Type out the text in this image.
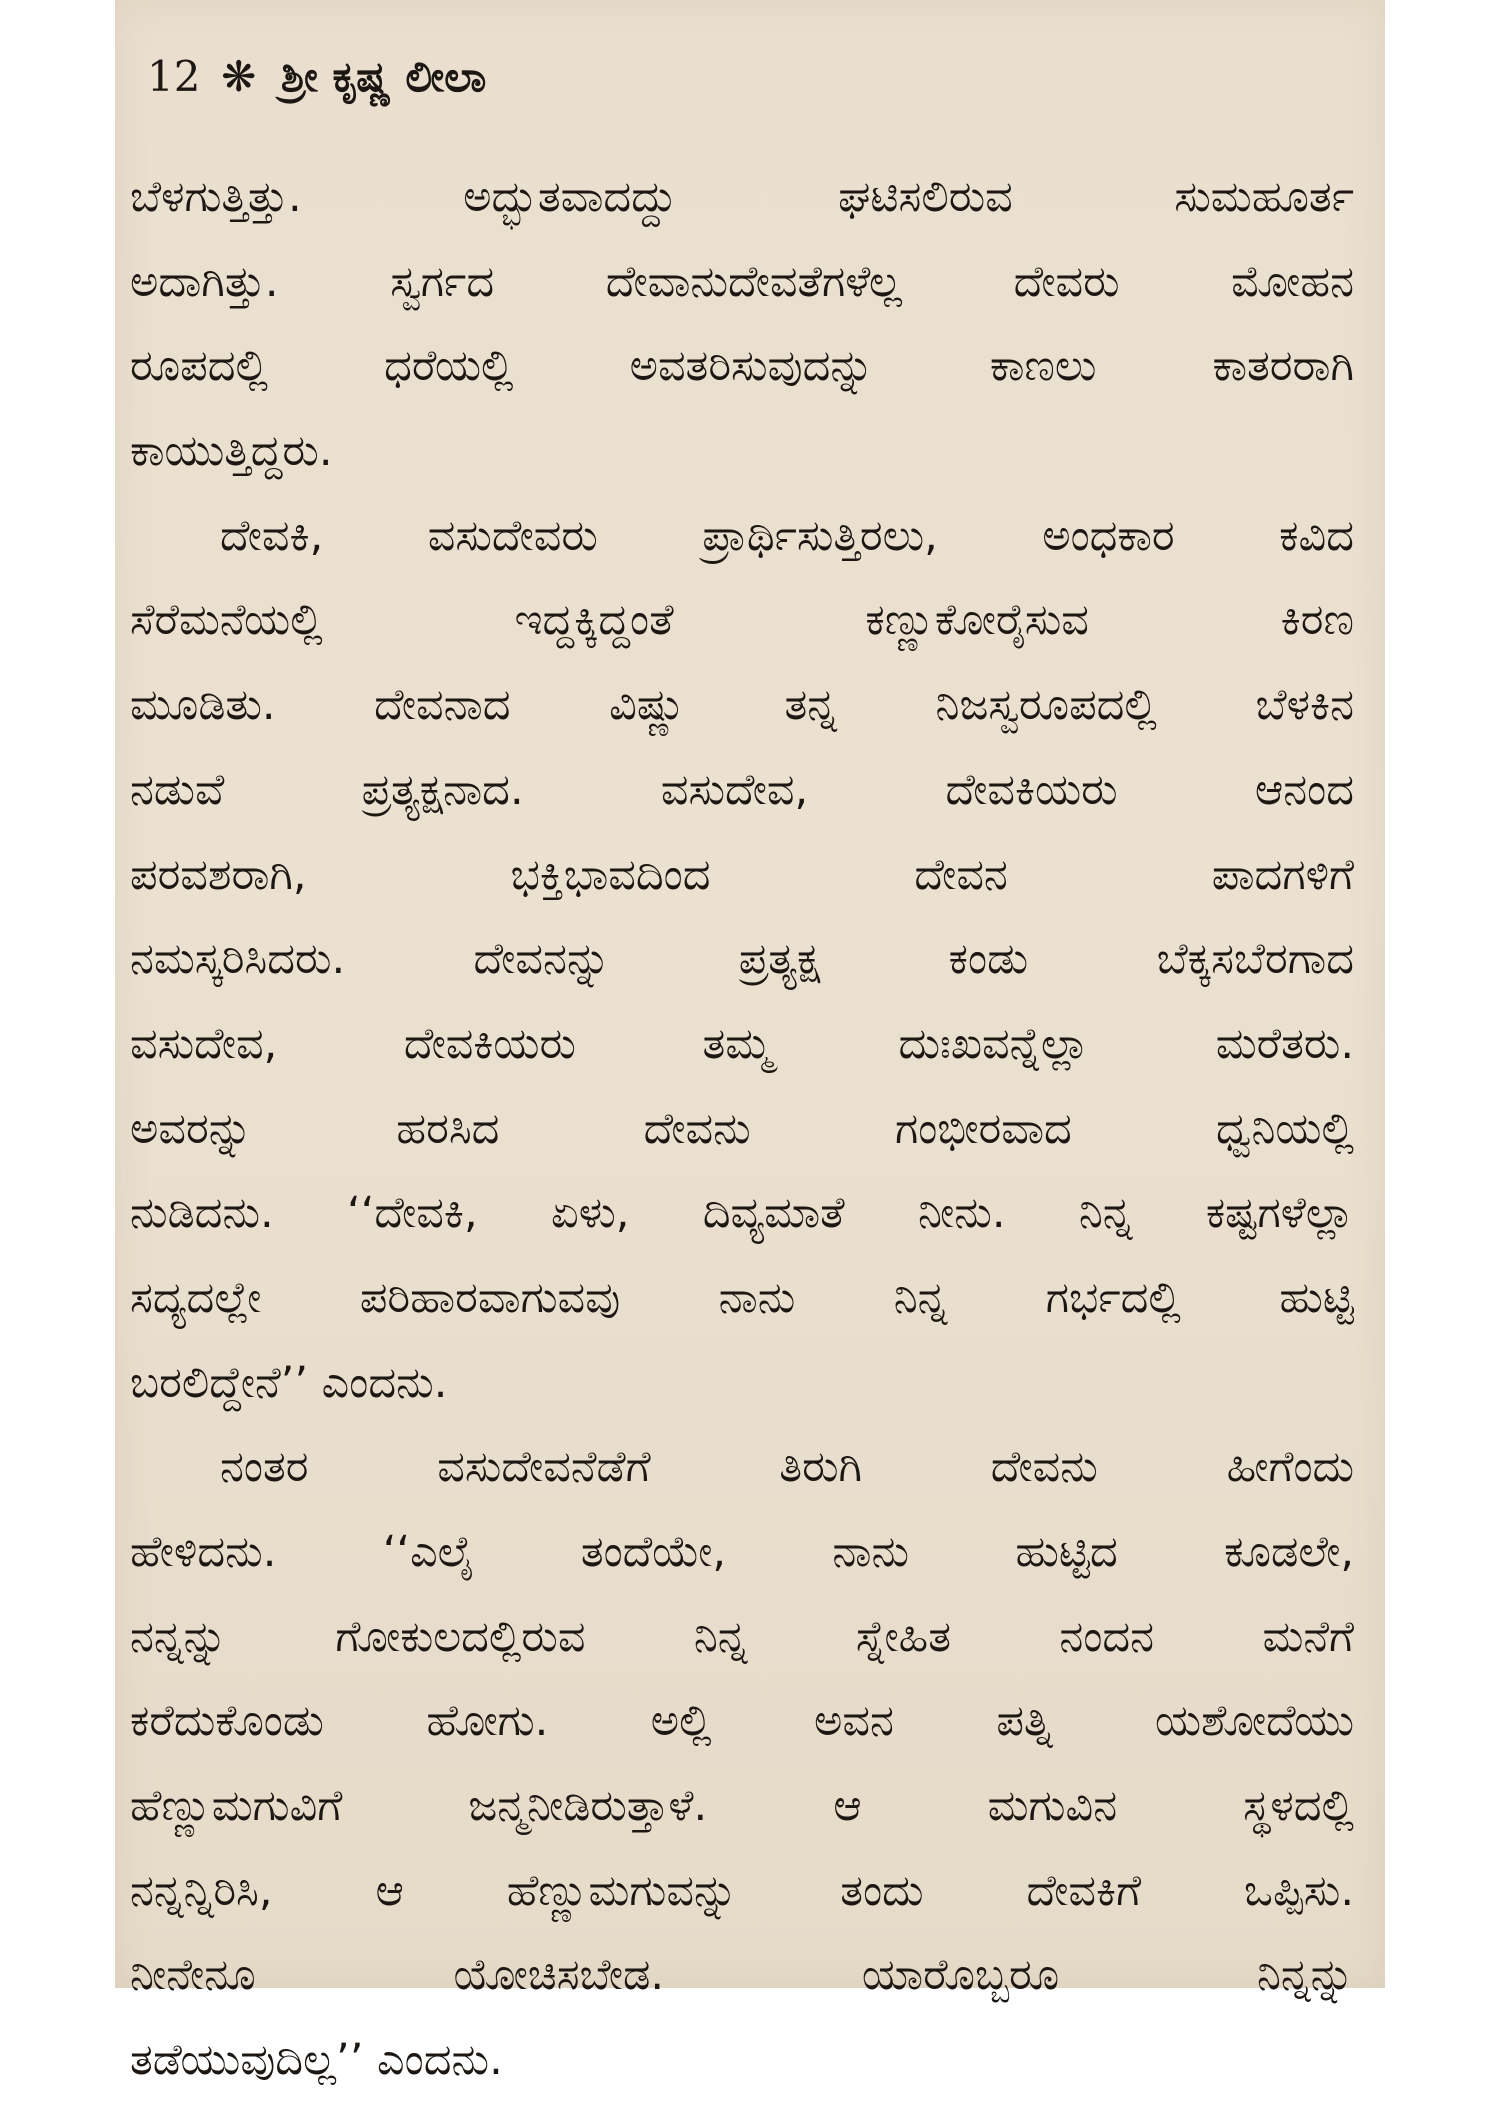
12 ❋ ಶ್ರೀ ಕೃಷ್ಣ ಲೀಲಾ
ಬೆಳಗುತ್ತಿತ್ತು. ಅದ್ಭುತವಾದದ್ದು ಘಟಿಸಲಿರುವ ಸುಮಹೂರ್ತ
ಅದಾಗಿತ್ತು. ಸ್ವರ್ಗದ ದೇವಾನುದೇವತೆಗಳೆಲ್ಲ ದೇವರು ಮೋಹನ
ರೂಪದಲ್ಲಿ ಧರೆಯಲ್ಲಿ ಅವತರಿಸುವುದನ್ನು ಕಾಣಲು ಕಾತರರಾಗಿ
ಕಾಯುತ್ತಿದ್ದರು.
ದೇವಕಿ, ವಸುದೇವರು ಪ್ರಾರ್ಥಿಸುತ್ತಿರಲು, ಅಂಧಕಾರ ಕವಿದ
ಸೆರೆಮನೆಯಲ್ಲಿ ಇದ್ದಕ್ಕಿದ್ದಂತೆ ಕಣ್ಣುಕೋರೈಸುವ ಕಿರಣ
ಮೂಡಿತು. ದೇವನಾದ ವಿಷ್ಣು ತನ್ನ ನಿಜಸ್ವರೂಪದಲ್ಲಿ ಬೆಳಕಿನ
ನಡುವೆ ಪ್ರತ್ಯಕ್ಷನಾದ. ವಸುದೇವ, ದೇವಕಿಯರು ಆನಂದ
ಪರವಶರಾಗಿ, ಭಕ್ತಿಭಾವದಿಂದ ದೇವನ ಪಾದಗಳಿಗೆ
ನಮಸ್ಕರಿಸಿದರು. ದೇವನನ್ನು ಪ್ರತ್ಯಕ್ಷ ಕಂಡು ಬೆಕ್ಕಸಬೆರಗಾದ
ವಸುದೇವ, ದೇವಕಿಯರು ತಮ್ಮ ದುಃಖವನ್ನೆಲ್ಲಾ ಮರೆತರು.
ಅವರನ್ನು ಹರಸಿದ ದೇವನು ಗಂಭೀರವಾದ ಧ್ವನಿಯಲ್ಲಿ
ನುಡಿದನು. ‘‘ದೇವಕಿ, ಏಳು, ದಿವ್ಯಮಾತೆ ನೀನು. ನಿನ್ನ ಕಷ್ಟಗಳೆಲ್ಲಾ
ಸದ್ಯದಲ್ಲೇ ಪರಿಹಾರವಾಗುವವು ನಾನು ನಿನ್ನ ಗರ್ಭದಲ್ಲಿ ಹುಟ್ಟಿ
ಬರಲಿದ್ದೇನೆ’’ ಎಂದನು.
ನಂತರ ವಸುದೇವನೆಡೆಗೆ ತಿರುಗಿ ದೇವನು ಹೀಗೆಂದು
ಹೇಳಿದನು. ‘‘ಎಲೈ ತಂದೆಯೇ, ನಾನು ಹುಟ್ಟಿದ ಕೂಡಲೇ,
ನನ್ನನ್ನು ಗೋಕುಲದಲ್ಲಿರುವ ನಿನ್ನ ಸ್ನೇಹಿತ ನಂದನ ಮನೆಗೆ
ಕರೆದುಕೊಂಡು ಹೋಗು. ಅಲ್ಲಿ ಅವನ ಪತ್ನಿ ಯಶೋದೆಯು
ಹೆಣ್ಣುಮಗುವಿಗೆ ಜನ್ಮನೀಡಿರುತ್ತಾಳೆ. ಆ ಮಗುವಿನ ಸ್ಥಳದಲ್ಲಿ
ನನ್ನನ್ನಿರಿಸಿ, ಆ ಹೆಣ್ಣುಮಗುವನ್ನು ತಂದು ದೇವಕಿಗೆ ಒಪ್ಪಿಸು.
ನೀನೇನೂ ಯೋಚಿಸಬೇಡ. ಯಾರೊಬ್ಬರೂ ನಿನ್ನನ್ನು
ತಡೆಯುವುದಿಲ್ಲ’’ ಎಂದನು.
